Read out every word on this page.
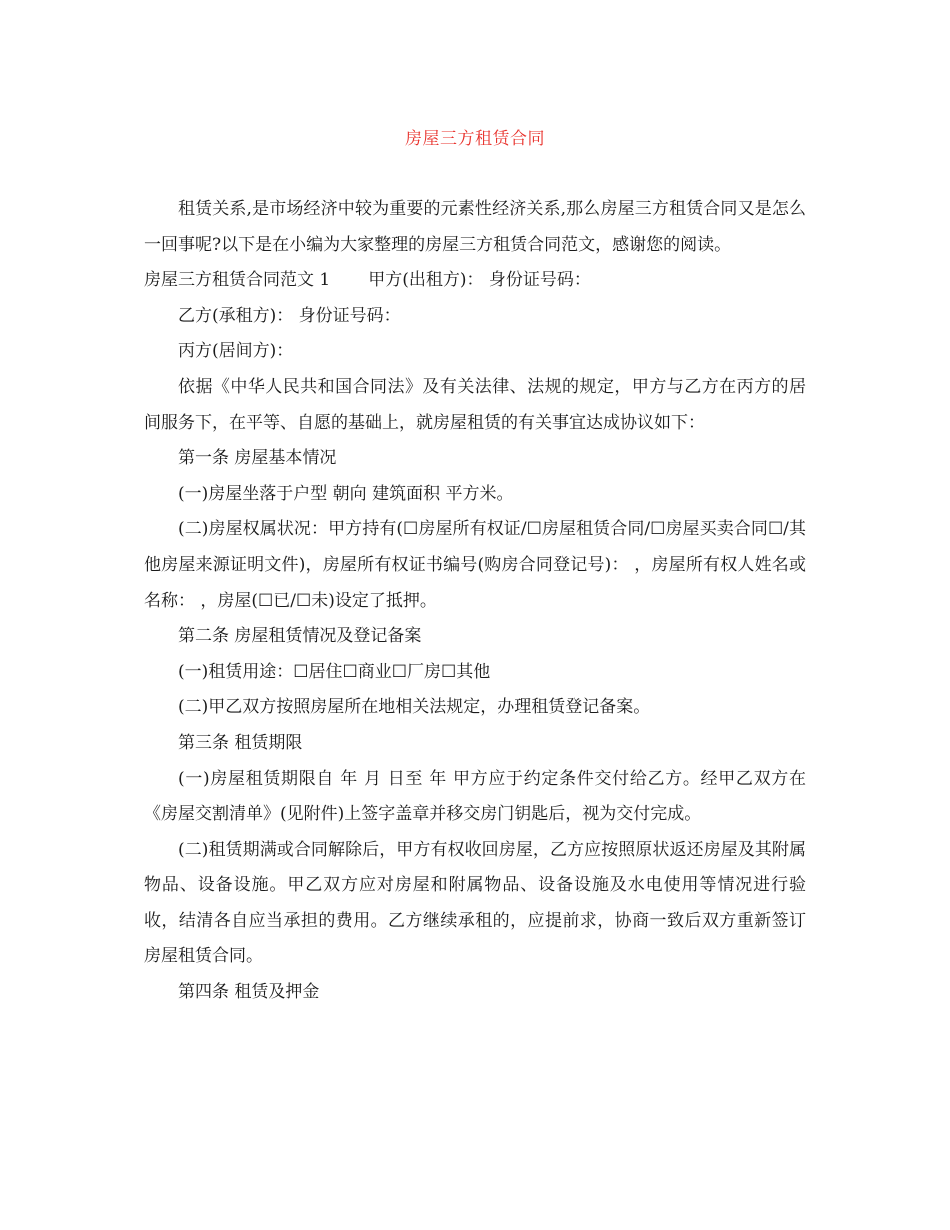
房屋三方租赁合同

租赁关系,是市场经济中较为重要的元素性经济关系,那么房屋三方租赁合同又是怎么一回事呢?以下是在小编为大家整理的房屋三方租赁合同范文，感谢您的阅读。

房屋三方租赁合同范文 1 甲方(出租方)： 身份证号码：

乙方(承租方)： 身份证号码：

丙方(居间方)：

依据《中华人民共和国合同法》及有关法律、法规的规定，甲方与乙方在丙方的居间服务下，在平等、自愿的基础上，就房屋租赁的有关事宜达成协议如下：

第一条 房屋基本情况

(一)房屋坐落于户型 朝向 建筑面积 平方米。

(二)房屋权属状况：甲方持有(☐房屋所有权证/☐房屋租赁合同/☐房屋买卖合同☐/其他房屋来源证明文件)，房屋所有权证书编号(购房合同登记号)： ，房屋所有权人姓名或名称： ，房屋(☐已/☐未)设定了抵押。

第二条 房屋租赁情况及登记备案

(一)租赁用途：☐居住☐商业☐厂房☐其他

(二)甲乙双方按照房屋所在地相关法规定，办理租赁登记备案。

第三条 租赁期限

(一)房屋租赁期限自 年 月 日至 年 甲方应于约定条件交付给乙方。经甲乙双方在《房屋交割清单》(见附件)上签字盖章并移交房门钥匙后，视为交付完成。

(二)租赁期满或合同解除后，甲方有权收回房屋，乙方应按照原状返还房屋及其附属物品、设备设施。甲乙双方应对房屋和附属物品、设备设施及水电使用等情况进行验收，结清各自应当承担的费用。乙方继续承租的，应提前求，协商一致后双方重新签订房屋租赁合同。

第四条 租赁及押金
